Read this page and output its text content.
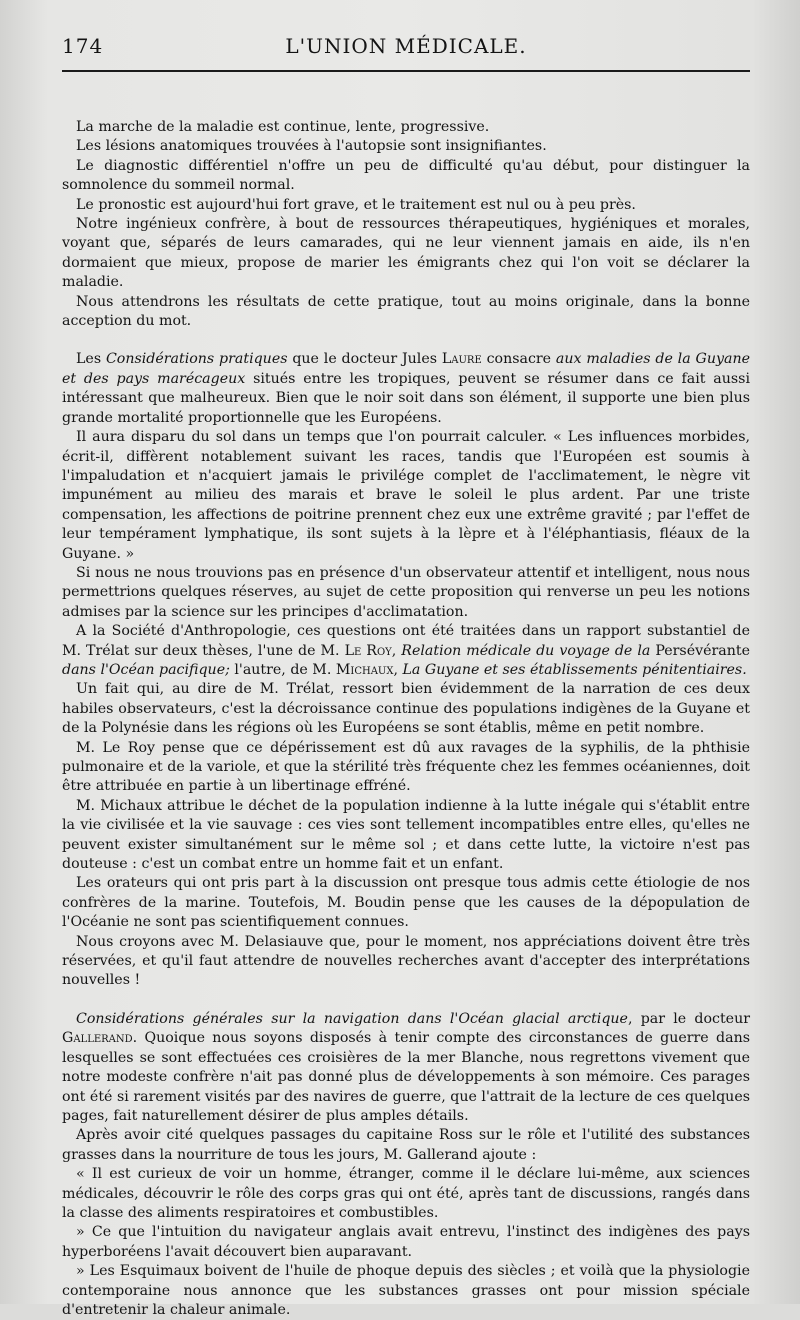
174	L'UNION MÉDICALE.

La marche de la maladie est continue, lente, progressive.

Les lésions anatomiques trouvées à l'autopsie sont insignifiantes.

Le diagnostic différentiel n'offre un peu de difficulté qu'au début, pour distinguer la somnolence du sommeil normal.

Le pronostic est aujourd'hui fort grave, et le traitement est nul ou à peu près.

Notre ingénieux confrère, à bout de ressources thérapeutiques, hygiéniques et morales, voyant que, séparés de leurs camarades, qui ne leur viennent jamais en aide, ils n'en dormaient que mieux, propose de marier les émigrants chez qui l'on voit se déclarer la maladie.

Nous attendrons les résultats de cette pratique, tout au moins originale, dans la bonne acception du mot.

Les Considérations pratiques que le docteur Jules Laure consacre aux maladies de la Guyane et des pays marécageux situés entre les tropiques, peuvent se résumer dans ce fait aussi intéressant que malheureux. Bien que le noir soit dans son élément, il supporte une bien plus grande mortalité proportionnelle que les Européens.

Il aura disparu du sol dans un temps que l'on pourrait calculer. « Les influences morbides, écrit-il, diffèrent notablement suivant les races, tandis que l'Européen est soumis à l'impaludation et n'acquiert jamais le privilége complet de l'acclimatement, le nègre vit impunément au milieu des marais et brave le soleil le plus ardent. Par une triste compensation, les affections de poitrine prennent chez eux une extrême gravité ; par l'effet de leur tempérament lymphatique, ils sont sujets à la lèpre et à l'éléphantiasis, fléaux de la Guyane. »

Si nous ne nous trouvions pas en présence d'un observateur attentif et intelligent, nous nous permettrions quelques réserves, au sujet de cette proposition qui renverse un peu les notions admises par la science sur les principes d'acclimatation.

A la Société d'Anthropologie, ces questions ont été traitées dans un rapport substantiel de M. Trélat sur deux thèses, l'une de M. Le Roy, Relation médicale du voyage de la Persévérante dans l'Océan pacifique; l'autre, de M. Michaux, La Guyane et ses établissements pénitentiaires.

Un fait qui, au dire de M. Trélat, ressort bien évidemment de la narration de ces deux habiles observateurs, c'est la décroissance continue des populations indigènes de la Guyane et de la Polynésie dans les régions où les Européens se sont établis, même en petit nombre.

M. Le Roy pense que ce dépérissement est dû aux ravages de la syphilis, de la phthisie pulmonaire et de la variole, et que la stérilité très fréquente chez les femmes océaniennes, doit être attribuée en partie à un libertinage effréné.

M. Michaux attribue le déchet de la population indienne à la lutte inégale qui s'établit entre la vie civilisée et la vie sauvage : ces vies sont tellement incompatibles entre elles, qu'elles ne peuvent exister simultanément sur le même sol ; et dans cette lutte, la victoire n'est pas douteuse : c'est un combat entre un homme fait et un enfant.

Les orateurs qui ont pris part à la discussion ont presque tous admis cette étiologie de nos confrères de la marine. Toutefois, M. Boudin pense que les causes de la dépopulation de l'Océanie ne sont pas scientifiquement connues.

Nous croyons avec M. Delasiauve que, pour le moment, nos appréciations doivent être très réservées, et qu'il faut attendre de nouvelles recherches avant d'accepter des interprétations nouvelles !

Considérations générales sur la navigation dans l'Océan glacial arctique, par le docteur Gallerand. Quoique nous soyons disposés à tenir compte des circonstances de guerre dans lesquelles se sont effectuées ces croisières de la mer Blanche, nous regrettons vivement que notre modeste confrère n'ait pas donné plus de développements à son mémoire. Ces parages ont été si rarement visités par des navires de guerre, que l'attrait de la lecture de ces quelques pages, fait naturellement désirer de plus amples détails.

Après avoir cité quelques passages du capitaine Ross sur le rôle et l'utilité des substances grasses dans la nourriture de tous les jours, M. Gallerand ajoute :

« Il est curieux de voir un homme, étranger, comme il le déclare lui-même, aux sciences médicales, découvrir le rôle des corps gras qui ont été, après tant de discussions, rangés dans la classe des aliments respiratoires et combustibles.

» Ce que l'intuition du navigateur anglais avait entrevu, l'instinct des indigènes des pays hyperboréens l'avait découvert bien auparavant.

» Les Esquimaux boivent de l'huile de phoque depuis des siècles ; et voilà que la physiologie contemporaine nous annonce que les substances grasses ont pour mission spéciale d'entretenir la chaleur animale.
